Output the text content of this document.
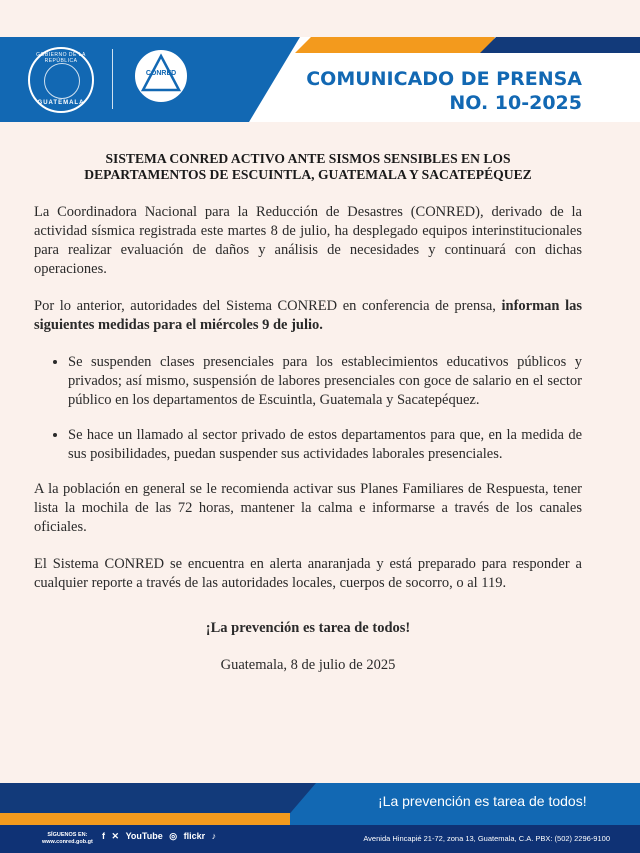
GOBIERNO DE LA REPÚBLICA
GUATEMALA
CONRED	COMUNICADO DE PRENSA
NO. 10-2025
SISTEMA CONRED ACTIVO ANTE SISMOS SENSIBLES EN LOS
DEPARTAMENTOS DE ESCUINTLA, GUATEMALA Y SACATEPÉQUEZ

La Coordinadora Nacional para la Reducción de Desastres (CONRED), derivado de la actividad sísmica registrada este martes 8 de julio, ha desplegado equipos interinstitucionales para realizar evaluación de daños y análisis de necesidades y continuará con dichas operaciones.

Por lo anterior, autoridades del Sistema CONRED en conferencia de prensa, informan las siguientes medidas para el miércoles 9 de julio.

• Se suspenden clases presenciales para los establecimientos educativos públicos y privados; así mismo, suspensión de labores presenciales con goce de salario en el sector público en los departamentos de Escuintla, Guatemala y Sacatepéquez.
• Se hace un llamado al sector privado de estos departamentos para que, en la medida de sus posibilidades, puedan suspender sus actividades laborales presenciales.

A la población en general se le recomienda activar sus Planes Familiares de Respuesta, tener lista la mochila de las 72 horas, mantener la calma e informarse a través de los canales oficiales.

El Sistema CONRED se encuentra en alerta anaranjada y está preparado para responder a cualquier reporte a través de las autoridades locales, cuerpos de socorro, o al 119.

¡La prevención es tarea de todos!

Guatemala, 8 de julio de 2025

¡La prevención es tarea de todos!
SÍGUENOS EN:
www.conred.gob.gt
f ✕ YouTube ◎ flickr ♪	Avenida Hincapié 21-72, zona 13, Guatemala, C.A. PBX: (502) 2296-9100
